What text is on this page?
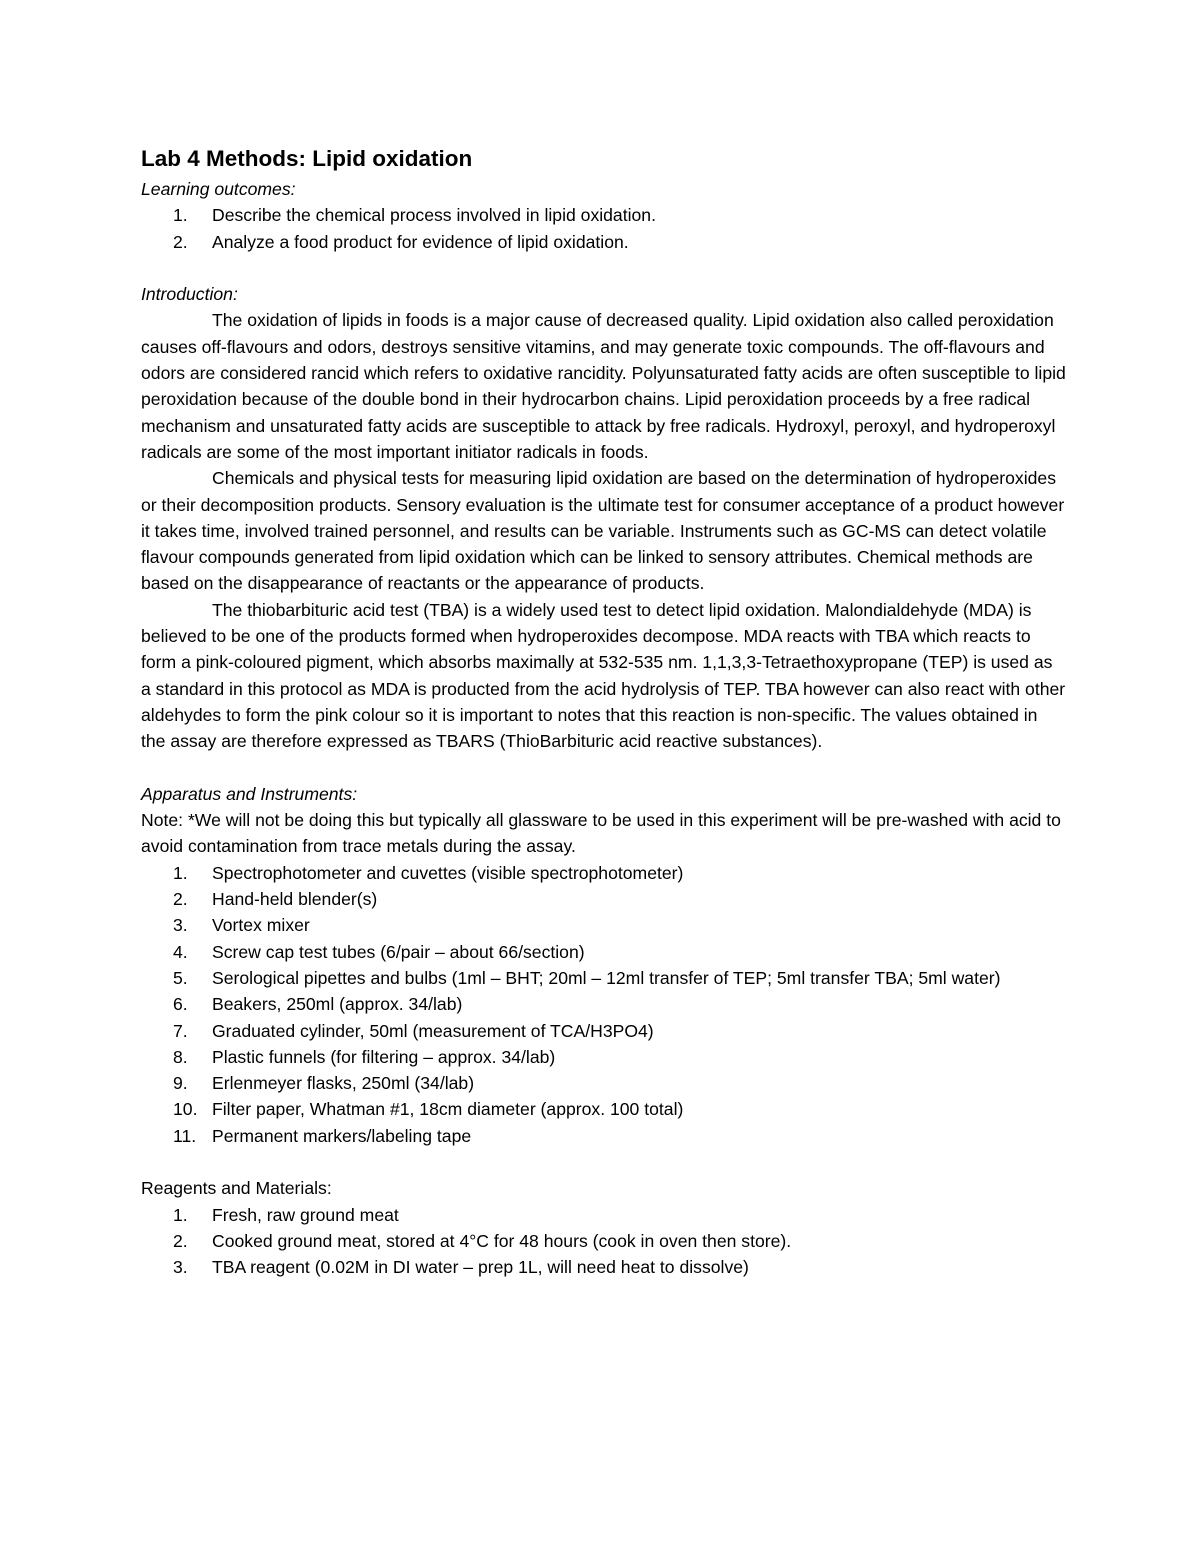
Lab 4 Methods: Lipid oxidation

Learning outcomes:

1. Describe the chemical process involved in lipid oxidation.
2. Analyze a food product for evidence of lipid oxidation.

Introduction:

The oxidation of lipids in foods is a major cause of decreased quality. Lipid oxidation also called peroxidation causes off-flavours and odors, destroys sensitive vitamins, and may generate toxic compounds. The off-flavours and odors are considered rancid which refers to oxidative rancidity. Polyunsaturated fatty acids are often susceptible to lipid peroxidation because of the double bond in their hydrocarbon chains. Lipid peroxidation proceeds by a free radical mechanism and unsaturated fatty acids are susceptible to attack by free radicals. Hydroxyl, peroxyl, and hydroperoxyl radicals are some of the most important initiator radicals in foods.

Chemicals and physical tests for measuring lipid oxidation are based on the determination of hydroperoxides or their decomposition products. Sensory evaluation is the ultimate test for consumer acceptance of a product however it takes time, involved trained personnel, and results can be variable. Instruments such as GC-MS can detect volatile flavour compounds generated from lipid oxidation which can be linked to sensory attributes. Chemical methods are based on the disappearance of reactants or the appearance of products.

The thiobarbituric acid test (TBA) is a widely used test to detect lipid oxidation. Malondialdehyde (MDA) is believed to be one of the products formed when hydroperoxides decompose. MDA reacts with TBA which reacts to form a pink-coloured pigment, which absorbs maximally at 532-535 nm. 1,1,3,3-Tetraethoxypropane (TEP) is used as a standard in this protocol as MDA is producted from the acid hydrolysis of TEP. TBA however can also react with other aldehydes to form the pink colour so it is important to notes that this reaction is non-specific. The values obtained in the assay are therefore expressed as TBARS (ThioBarbituric acid reactive substances).

Apparatus and Instruments:

Note: *We will not be doing this but typically all glassware to be used in this experiment will be pre-washed with acid to avoid contamination from trace metals during the assay.

1. Spectrophotometer and cuvettes (visible spectrophotometer)
2. Hand-held blender(s)
3. Vortex mixer
4. Screw cap test tubes (6/pair – about 66/section)
5. Serological pipettes and bulbs (1ml – BHT; 20ml – 12ml transfer of TEP; 5ml transfer TBA; 5ml water)
6. Beakers, 250ml (approx. 34/lab)
7. Graduated cylinder, 50ml (measurement of TCA/H3PO4)
8. Plastic funnels (for filtering – approx. 34/lab)
9. Erlenmeyer flasks, 250ml (34/lab)
10. Filter paper, Whatman #1, 18cm diameter (approx. 100 total)
11. Permanent markers/labeling tape

Reagents and Materials:

1. Fresh, raw ground meat
2. Cooked ground meat, stored at 4°C for 48 hours (cook in oven then store).
3. TBA reagent (0.02M in DI water – prep 1L, will need heat to dissolve)
